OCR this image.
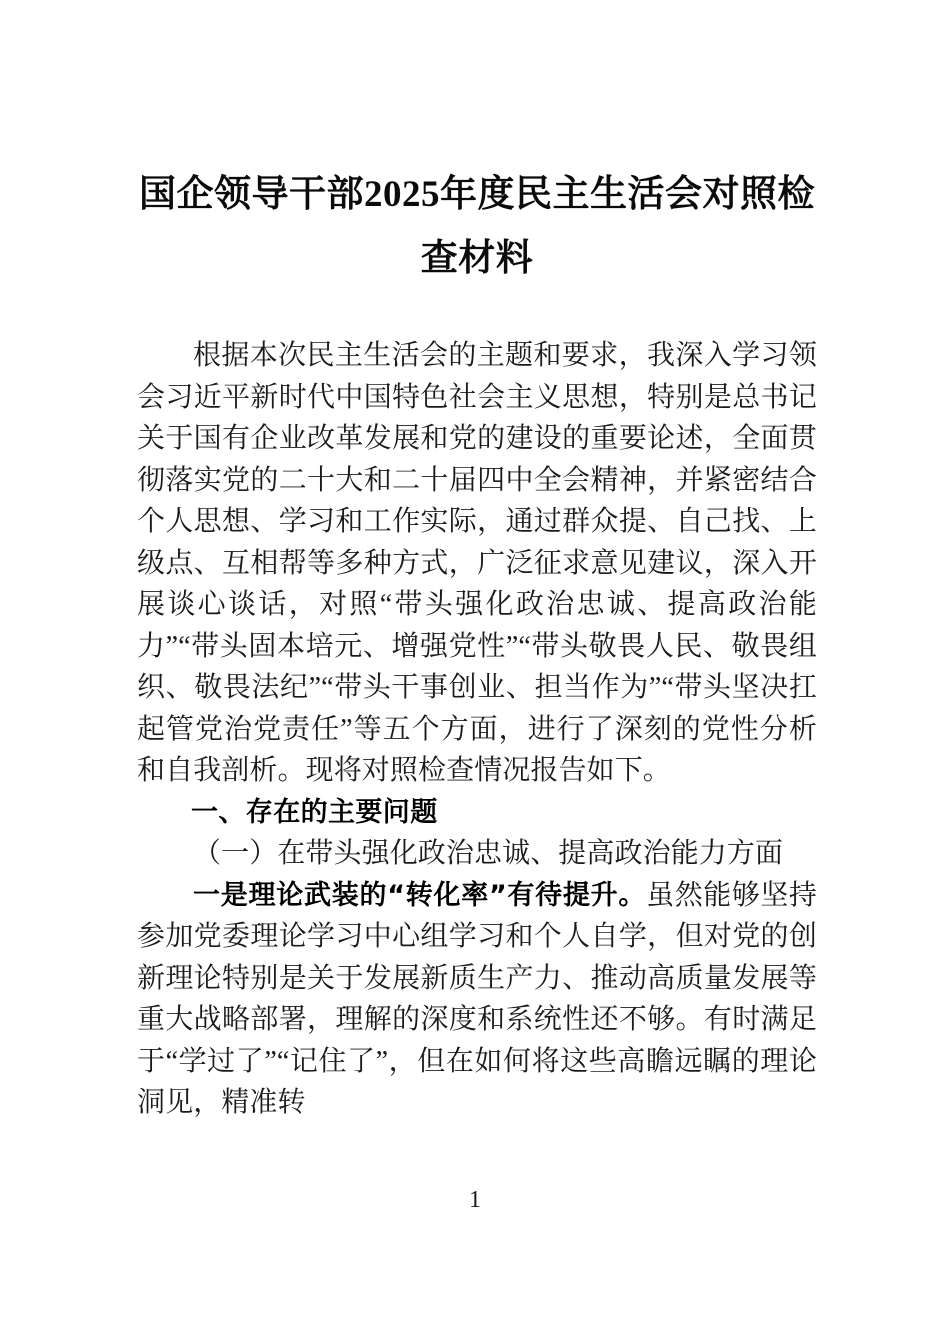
国企领导干部2025年度民主生活会对照检查材料

根据本次民主生活会的主题和要求，我深入学习领会习近平新时代中国特色社会主义思想，特别是总书记关于国有企业改革发展和党的建设的重要论述，全面贯彻落实党的二十大和二十届四中全会精神，并紧密结合个人思想、学习和工作实际，通过群众提、自己找、上级点、互相帮等多种方式，广泛征求意见建议，深入开展谈心谈话，对照“带头强化政治忠诚、提高政治能力”“带头固本培元、增强党性”“带头敬畏人民、敬畏组织、敬畏法纪”“带头干事创业、担当作为”“带头坚决扛起管党治党责任”等五个方面，进行了深刻的党性分析和自我剖析。现将对照检查情况报告如下。

一、存在的主要问题

（一）在带头强化政治忠诚、提高政治能力方面

一是理论武装的“转化率”有待提升。虽然能够坚持参加党委理论学习中心组学习和个人自学，但对党的创新理论特别是关于发展新质生产力、推动高质量发展等重大战略部署，理解的深度和系统性还不够。有时满足于“学过了”“记住了”，但在如何将这些高瞻远瞩的理论洞见，精准转

1
